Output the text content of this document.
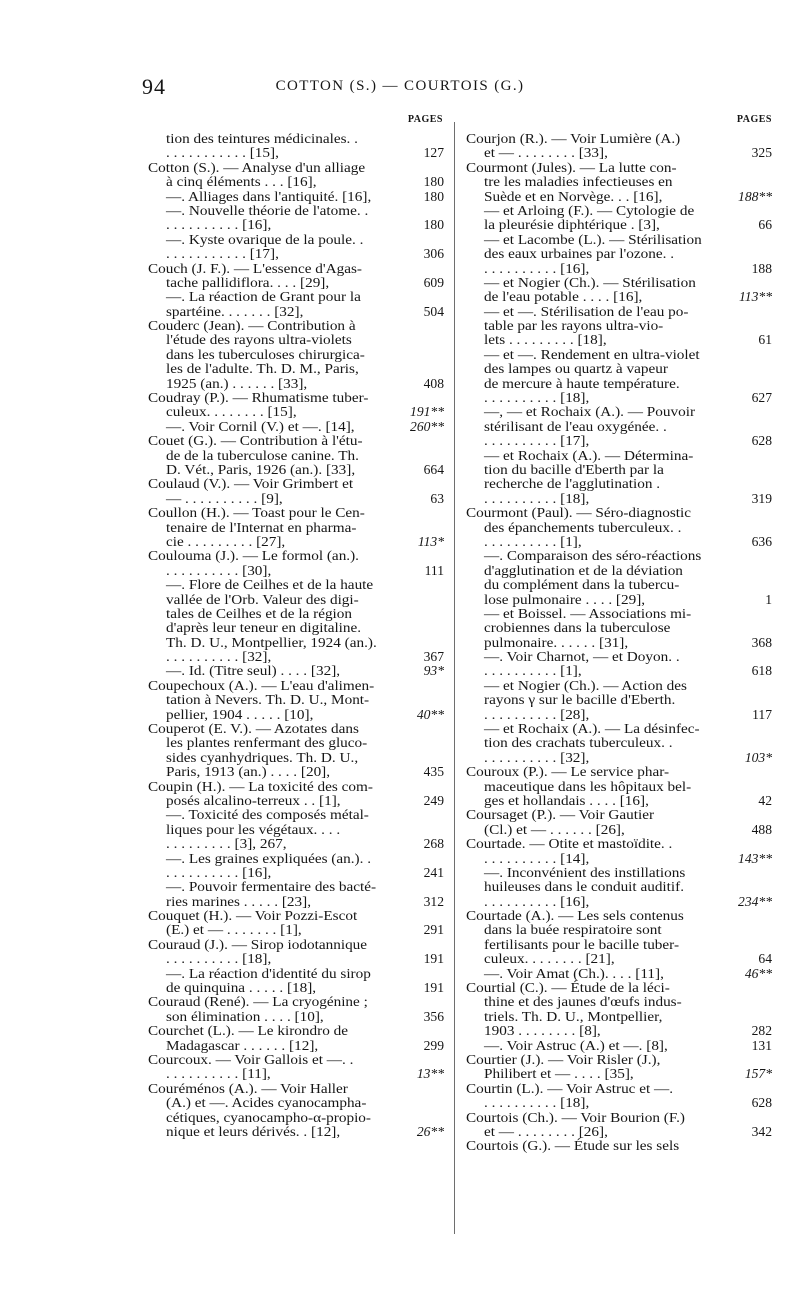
94	COTTON (S.) — COURTOIS (G.)
PAGES	PAGES
tion des teintures médicinales. .
. . . . . . . . . . . [15],	127
Cotton (S.). — Analyse d'un alliage
à cinq éléments . . . [16],	180
—. Alliages dans l'antiquité. [16],	180
—. Nouvelle théorie de l'atome. .
. . . . . . . . . . [16],	180
—. Kyste ovarique de la poule. .
. . . . . . . . . . . [17],	306
Couch (J. F.). — L'essence d'Agas-
tache pallidiflora. . . . [29],	609
—. La réaction de Grant pour la
spartéine. . . . . . . [32],	504
Couderc (Jean). — Contribution à
l'étude des rayons ultra-violets
dans les tuberculoses chirurgica-
les de l'adulte. Th. D. M., Paris,
1925 (an.) . . . . . . [33],	408
Coudray (P.). — Rhumatisme tuber-
culeux. . . . . . . . [15],	191**
—. Voir Cornil (V.) et —. [14],	260**
Couet (G.). — Contribution à l'étu-
de de la tuberculose canine. Th.
D. Vét., Paris, 1926 (an.). [33],	664
Coulaud (V.). — Voir Grimbert et
— . . . . . . . . . . [9],	63
Coullon (H.). — Toast pour le Cen-
tenaire de l'Internat en pharma-
cie . . . . . . . . . [27],	113*
Coulouma (J.). — Le formol (an.).
. . . . . . . . . . [30],	111
—. Flore de Ceilhes et de la haute
vallée de l'Orb. Valeur des digi-
tales de Ceilhes et de la région
d'après leur teneur en digitaline.
Th. D. U., Montpellier, 1924 (an.).
. . . . . . . . . . [32],	367
—. Id. (Titre seul) . . . . [32],	93*
Coupechoux (A.). — L'eau d'alimen-
tation à Nevers. Th. D. U., Mont-
pellier, 1904 . . . . . [10],	40**
Couperot (E. V.). — Azotates dans
les plantes renfermant des gluco-
sides cyanhydriques. Th. D. U.,
Paris, 1913 (an.) . . . . [20],	435
Coupin (H.). — La toxicité des com-
posés alcalino-terreux . . [1],	249
—. Toxicité des composés métal-
liques pour les végétaux. . . .
. . . . . . . . . [3], 267,	268
—. Les graines expliquées (an.). .
. . . . . . . . . . [16],	241
—. Pouvoir fermentaire des bacté-
ries marines . . . . . [23],	312
Couquet (H.). — Voir Pozzi-Escot
(E.) et — . . . . . . . [1],	291
Couraud (J.). — Sirop iodotannique
. . . . . . . . . . [18],	191
—. La réaction d'identité du sirop
de quinquina . . . . . [18],	191
Couraud (René). — La cryogénine ;
son élimination . . . . [10],	356
Courchet (L.). — Le kirondro de
Madagascar . . . . . . [12],	299
Courcoux. — Voir Gallois et —. .
. . . . . . . . . . [11],	13**
Couréménos (A.). — Voir Haller
(A.) et —. Acides cyanocampha-
cétiques, cyanocampho-α-propio-
nique et leurs dérivés. . [12],	26**
Courjon (R.). — Voir Lumière (A.)
et — . . . . . . . . [33],	325
Courmont (Jules). — La lutte con-
tre les maladies infectieuses en
Suède et en Norvège. . . [16],	188**
— et Arloing (F.). — Cytologie de
la pleurésie diphtérique . [3],	66
— et Lacombe (L.). — Stérilisation
des eaux urbaines par l'ozone. .
. . . . . . . . . . [16],	188
— et Nogier (Ch.). — Stérilisation
de l'eau potable . . . . [16],	113**
— et —. Stérilisation de l'eau po-
table par les rayons ultra-vio-
lets . . . . . . . . . [18],	61
— et —. Rendement en ultra-violet
des lampes ou quartz à vapeur
de mercure à haute température.
. . . . . . . . . . [18],	627
—, — et Rochaix (A.). — Pouvoir
stérilisant de l'eau oxygénée. .
. . . . . . . . . . [17],	628
— et Rochaix (A.). — Détermina-
tion du bacille d'Eberth par la
recherche de l'agglutination .
. . . . . . . . . . [18],	319
Courmont (Paul). — Séro-diagnostic
des épanchements tuberculeux. .
. . . . . . . . . . [1],	636
—. Comparaison des séro-réactions
d'agglutination et de la déviation
du complément dans la tubercu-
lose pulmonaire . . . . [29],	1
— et Boissel. — Associations mi-
crobiennes dans la tuberculose
pulmonaire. . . . . . [31],	368
—. Voir Charnot, — et Doyon. .
. . . . . . . . . . [1],	618
— et Nogier (Ch.). — Action des
rayons γ sur le bacille d'Eberth.
. . . . . . . . . . [28],	117
— et Rochaix (A.). — La désinfec-
tion des crachats tuberculeux. .
. . . . . . . . . . [32],	103*
Couroux (P.). — Le service phar-
maceutique dans les hôpitaux bel-
ges et hollandais . . . . [16],	42
Coursaget (P.). — Voir Gautier
(Cl.) et — . . . . . . [26],	488
Courtade. — Otite et mastoïdite. .
. . . . . . . . . . [14],	143**
—. Inconvénient des instillations
huileuses dans le conduit auditif.
. . . . . . . . . . [16],	234**
Courtade (A.). — Les sels contenus
dans la buée respiratoire sont
fertilisants pour le bacille tuber-
culeux. . . . . . . . [21],	64
—. Voir Amat (Ch.). . . . [11],	46**
Courtial (C.). — Étude de la léci-
thine et des jaunes d'œufs indus-
triels. Th. D. U., Montpellier,
1903 . . . . . . . . [8],	282
—. Voir Astruc (A.) et —. [8],	131
Courtier (J.). — Voir Risler (J.),
Philibert et — . . . . [35],	157*
Courtin (L.). — Voir Astruc et —.
. . . . . . . . . . [18],	628
Courtois (Ch.). — Voir Bourion (F.)
et — . . . . . . . . [26],	342
Courtois (G.). — Étude sur les sels
